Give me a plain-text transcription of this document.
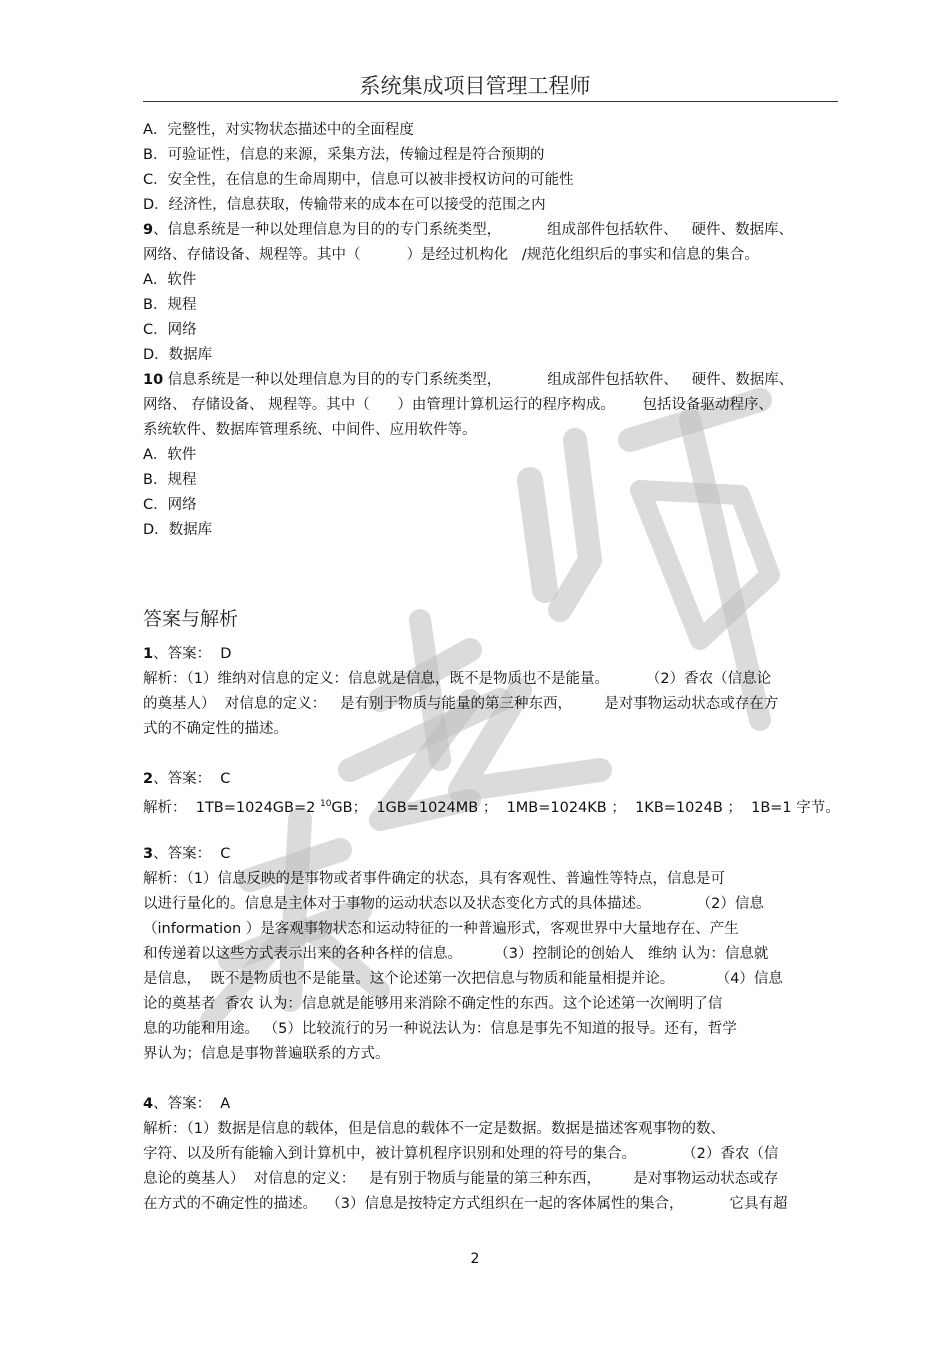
系统集成项目管理工程师
A．完整性，对实物状态描述中的全面程度
B．可验证性，信息的来源，采集方法，传输过程是符合预期的
C．安全性，在信息的生命周期中，信息可以被非授权访问的可能性
D．经济性，信息获取，传输带来的成本在可以接受的范围之内
9、信息系统是一种以处理信息为目的的专门系统类型，          组成部件包括软件、   硬件、数据库、
网络、存储设备、规程等。其中（          ）是经过机构化   /规范化组织后的事实和信息的集合。
A．软件
B．规程
C．网络
D．数据库
10 信息系统是一种以处理信息为目的的专门系统类型，          组成部件包括软件、   硬件、数据库、
网络、 存储设备、 规程等。其中（      ）由管理计算机运行的程序构成。      包括设备驱动程序、
系统软件、数据库管理系统、中间件、应用软件等。
A．软件
B．规程
C．网络
D．数据库
答案与解析
1、答案：  D
解析：（1）维纳对信息的定义：信息就是信息，既不是物质也不是能量。        （2）香农（信息论
的奠基人）  对信息的定义：   是有别于物质与能量的第三种东西，       是对事物运动状态或存在方
式的不确定性的描述。
2、答案：  C
解析：  1TB=1024GB=2 $^{10}$GB；  1GB=1024MB ；  1MB=1024KB ；  1KB=1024B ；  1B=1 字节。
3、答案：  C
解析：（1）信息反映的是事物或者事件确定的状态，具有客观性、普遍性等特点，信息是可
以进行量化的。信息是主体对于事物的运动状态以及状态变化方式的具体描述。          （2）信息
（information ）是客观事物状态和运动特征的一种普遍形式，客观世界中大量地存在、产生
和传递着以这些方式表示出来的各种各样的信息。       （3）控制论的创始人   维纳 认为：信息就
是信息，  既不是物质也不是能量。这个论述第一次把信息与物质和能量相提并论。         （4）信息
论的奠基者  香农 认为：信息就是能够用来消除不确定性的东西。这个论述第一次阐明了信
息的功能和用途。 （5）比较流行的另一种说法认为：信息是事先不知道的报导。还有，哲学
界认为；信息是事物普遍联系的方式。
4、答案：  A
解析：（1）数据是信息的载体，但是信息的载体不一定是数据。数据是描述客观事物的数、
字符、以及所有能输入到计算机中，被计算机程序识别和处理的符号的集合。          （2）香农（信
息论的奠基人）  对信息的定义：   是有别于物质与能量的第三种东西，       是对事物运动状态或存
在方式的不确定性的描述。  （3）信息是按特定方式组织在一起的客体属性的集合，          它具有超
2
